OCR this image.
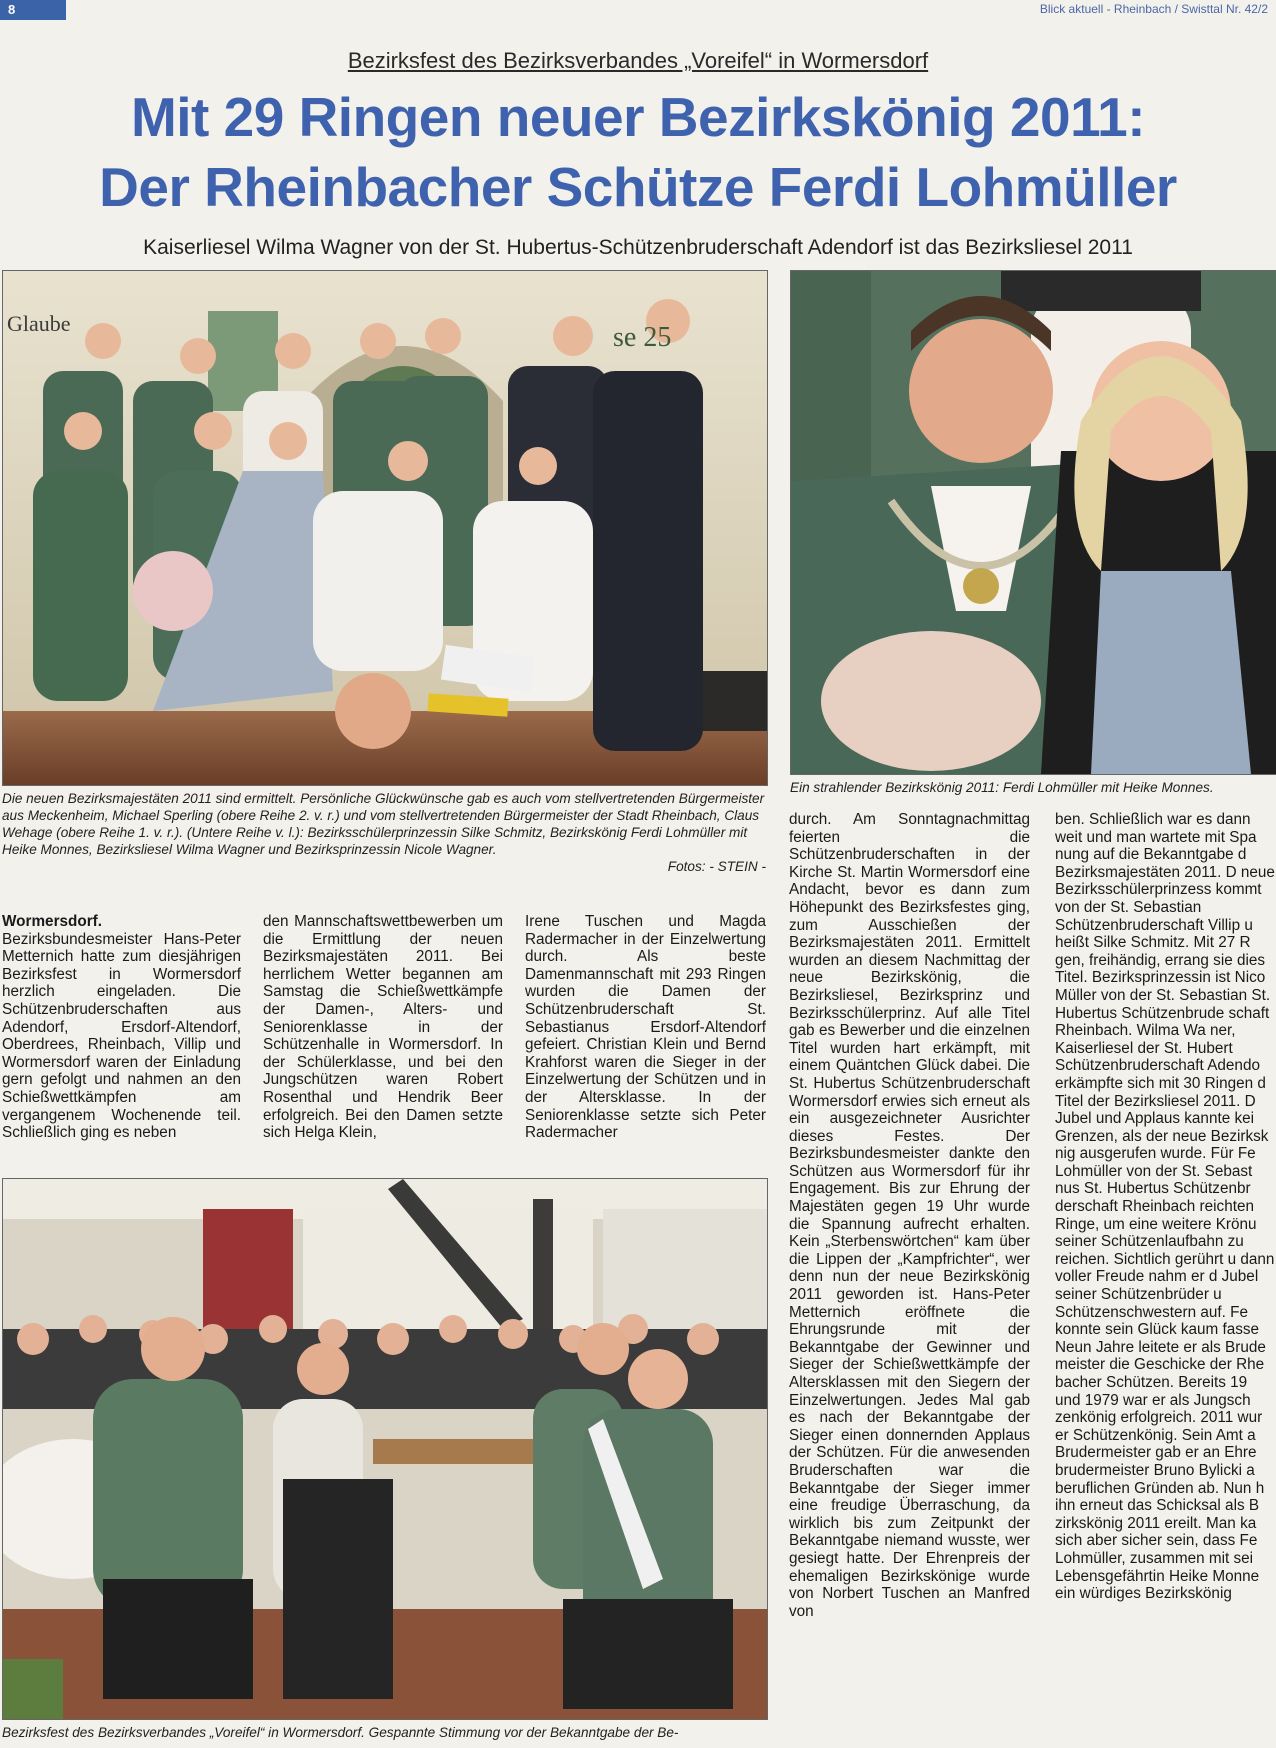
8	Blick aktuell - Rheinbach / Swisttal Nr. 42/2
Bezirksfest des Bezirksverbandes „Voreifel“ in Wormersdorf
Mit 29 Ringen neuer Bezirkskönig 2011:
Der Rheinbacher Schütze Ferdi Lohmüller
Kaiserliesel Wilma Wagner von der St. Hubertus-Schützenbruderschaft Adendorf ist das Bezirksliesel 2011
Glaube	se 25
Die neuen Bezirksmajestäten 2011 sind ermittelt. Persönliche Glückwünsche gab es auch vom stellvertretenden Bürgermeister aus Meckenheim, Michael Sperling (obere Reihe 2. v. r.) und vom stellvertretenden Bürgermeister der Stadt Rheinbach, Claus Wehage (obere Reihe 1. v. r.). (Untere Reihe v. l.): Bezirksschülerprinzessin Silke Schmitz, Bezirkskönig Ferdi Lohmüller mit Heike Monnes, Bezirksliesel Wilma Wagner und Bezirksprinzessin Nicole Wagner.
Fotos: - STEIN -
Ein strahlender Bezirkskönig 2011: Ferdi Lohmüller mit Heike Monnes.
Wormersdorf. Bezirksbundesmeister Hans-Peter Metternich hatte zum diesjährigen Bezirksfest in Wormersdorf herzlich eingeladen. Die Schützenbruderschaften aus Adendorf, Ersdorf-Altendorf, Oberdrees, Rheinbach, Villip und Wormersdorf waren der Einladung gern gefolgt und nahmen an den Schießwettkämpfen am vergangenem Wochenende teil. Schließlich ging es neben
den Mannschaftswettbewerben um die Ermittlung der neuen Bezirksmajestäten 2011. Bei herrlichem Wetter begannen am Samstag die Schießwettkämpfe der Damen-, Alters- und Seniorenklasse in der Schützenhalle in Wormersdorf. In der Schülerklasse, und bei den Jungschützen waren Robert Rosenthal und Hendrik Beer erfolgreich. Bei den Damen setzte sich Helga Klein,
Irene Tuschen und Magda Radermacher in der Einzelwertung durch. Als beste Damenmannschaft mit 293 Ringen wurden die Damen der Schützenbruderschaft St. Sebastianus Ersdorf-Altendorf gefeiert. Christian Klein und Bernd Krahforst waren die Sieger in der Einzelwertung der Schützen und in der Altersklasse. In der Seniorenklasse setzte sich Peter Radermacher
durch. Am Sonntagnachmittag feierten die Schützenbruderschaften in der Kirche St. Martin Wormersdorf eine Andacht, bevor es dann zum Höhepunkt des Bezirksfestes ging, zum Ausschießen der Bezirksmajestäten 2011. Ermittelt wurden an diesem Nachmittag der neue Bezirkskönig, die Bezirksliesel, Bezirksprinz und Bezirksschülerprinz. Auf alle Titel gab es Bewerber und die einzelnen Titel wurden hart erkämpft, mit einem Quäntchen Glück dabei. Die St. Hubertus Schützenbruderschaft Wormersdorf erwies sich erneut als ein ausgezeichneter Ausrichter dieses Festes. Der Bezirksbundesmeister dankte den Schützen aus Wormersdorf für ihr Engagement. Bis zur Ehrung der Majestäten gegen 19 Uhr wurde die Spannung aufrecht erhalten. Kein „Sterbenswörtchen“ kam über die Lippen der „Kampfrichter“, wer denn nun der neue Bezirkskönig 2011 geworden ist. Hans-Peter Metternich eröffnete die Ehrungsrunde mit der Bekanntgabe der Gewinner und Sieger der Schießwettkämpfe der Altersklassen mit den Siegern der Einzelwertungen. Jedes Mal gab es nach der Bekanntgabe der Sieger einen donnernden Applaus der Schützen. Für die anwesenden Bruderschaften war die Bekanntgabe der Sieger immer eine freudige Überraschung, da wirklich bis zum Zeitpunkt der Bekanntgabe niemand wusste, wer gesiegt hatte. Der Ehrenpreis der ehemaligen Bezirkskönige wurde von Norbert Tuschen an Manfred von
ben. Schließlich war es dann weit und man wartete mit Spa nung auf die Bekanntgabe d Bezirksmajestäten 2011. D neue Bezirksschülerprinzess kommt von der St. Sebastian Schützenbruderschaft Villip u heißt Silke Schmitz. Mit 27 R gen, freihändig, errang sie dies Titel. Bezirksprinzessin ist Nico Müller von der St. Sebastian St. Hubertus Schützenbrude schaft Rheinbach. Wilma Wa ner, Kaiserliesel der St. Hubert Schützenbruderschaft Adendo erkämpfte sich mit 30 Ringen d Titel der Bezirksliesel 2011. D Jubel und Applaus kannte kei Grenzen, als der neue Bezirksk nig ausgerufen wurde. Für Fe Lohmüller von der St. Sebast nus St. Hubertus Schützenbr derschaft Rheinbach reichten Ringe, um eine weitere Krönu seiner Schützenlaufbahn zu reichen. Sichtlich gerührt u dann voller Freude nahm er d Jubel seiner Schützenbrüder u Schützenschwestern auf. Fe konnte sein Glück kaum fasse Neun Jahre leitete er als Brude meister die Geschicke der Rhe bacher Schützen. Bereits 19 und 1979 war er als Jungsch zenkönig erfolgreich. 2011 wur er Schützenkönig. Sein Amt a Brudermeister gab er an Ehre brudermeister Bruno Bylicki a beruflichen Gründen ab. Nun h ihn erneut das Schicksal als B zirkskönig 2011 ereilt. Man ka sich aber sicher sein, dass Fe Lohmüller, zusammen mit sei Lebensgefährtin Heike Monne ein würdiges Bezirkskönig
Bezirksfest des Bezirksverbandes „Voreifel“ in Wormersdorf. Gespannte Stimmung vor der Bekanntgabe der Be-
